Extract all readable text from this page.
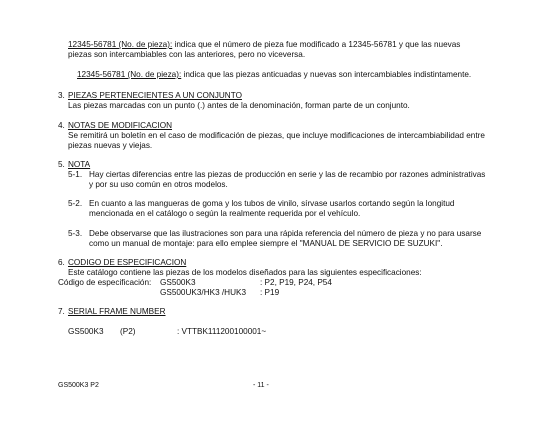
12345-56781 (No. de pieza): indica que el número de pieza fue modificado a 12345-56781 y que las nuevas
piezas son intercambiables con las anteriores, pero no viceversa.
12345-56781 (No. de pieza): indica que las piezas anticuadas y nuevas son intercambiables indistintamente.
3. PIEZAS PERTENECIENTES A UN CONJUNTO
Las piezas marcadas con un punto (.) antes de la denominación, forman parte de un conjunto.
4. NOTAS DE MODIFICACION
Se remitirá un boletín en el caso de modificación de piezas, que incluye modificaciones de intercambiabilidad entre
piezas nuevas y viejas.
5. NOTA
5-1. Hay ciertas diferencias entre las piezas de producción en serie y las de recambio por razones administrativas
y por su uso común en otros modelos.
5-2. En cuanto a las mangueras de goma y los tubos de vinilo, sírvase usarlos cortando según la longitud
mencionada en el catálogo o según la realmente requerida por el vehículo.
5-3. Debe observarse que las ilustraciones son para una rápida referencia del número de pieza y no para usarse
como un manual de montaje: para ello emplee siempre el "MANUAL DE SERVICIO DE SUZUKI".
6. CODIGO DE ESPECIFICACION
Este catálogo contiene las piezas de los modelos diseñados para las siguientes especificaciones:
Código de especificación: GS500K3	: P2, P19, P24, P54
GS500UK3/HK3 /HUK3 : P19
7. SERIAL FRAME NUMBER
GS500K3 (P2)	: VTTBK111200100001~
GS500K3 P2	- 11 -
